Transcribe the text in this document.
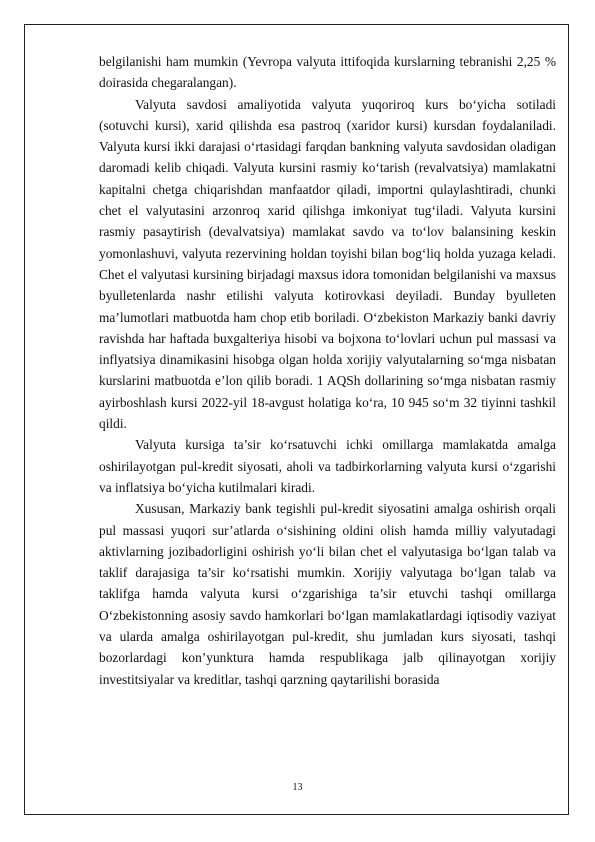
belgilanishi ham mumkin (Yevropa valyuta ittifoqida kurslarning tebranishi 2,25 % doirasida chegaralangan).

Valyuta savdosi amaliyotida valyuta yuqoriroq kurs bo‘yicha sotiladi (sotuvchi kursi), xarid qilishda esa pastroq (xaridor kursi) kursdan foydalaniladi. Valyuta kursi ikki darajasi o‘rtasidagi farqdan bankning valyuta savdosidan oladigan daromadi kelib chiqadi. Valyuta kursini rasmiy ko‘tarish (revalvatsiya) mamlakatni kapitalni chetga chiqarishdan manfaatdor qiladi, importni qulaylashtiradi, chunki chet el valyutasini arzonroq xarid qilishga imkoniyat tug‘iladi. Valyuta kursini rasmiy pasaytirish (devalvatsiya) mamlakat savdo va to‘lov balansining keskin yomonlashuvi, valyuta rezervining holdan toyishi bilan bog‘liq holda yuzaga keladi. Chet el valyutasi kursining birjadagi maxsus idora tomonidan belgilanishi va maxsus byulletenlarda nashr etilishi valyuta kotirovkasi deyiladi. Bunday byulleten ma’lumotlari matbuotda ham chop etib boriladi. O‘zbekiston Markaziy banki davriy ravishda har haftada buxgalteriya hisobi va bojxona to‘lovlari uchun pul massasi va inflyatsiya dinamikasini hisobga olgan holda xorijiy valyutalarning so‘mga nisbatan kurslarini matbuotda e’lon qilib boradi. 1 AQSh dollarining so‘mga nisbatan rasmiy ayirboshlash kursi 2022-yil 18-avgust holatiga ko‘ra, 10 945 so‘m 32 tiyinni tashkil qildi.

Valyuta kursiga ta’sir ko‘rsatuvchi ichki omillarga mamlakatda amalga oshirilayotgan pul-kredit siyosati, aholi va tadbirkorlarning valyuta kursi o‘zgarishi va inflatsiya bo‘yicha kutilmalari kiradi.

Xususan, Markaziy bank tegishli pul-kredit siyosatini amalga oshirish orqali pul massasi yuqori sur’atlarda o‘sishining oldini olish hamda milliy valyutadagi aktivlarning jozibadorligini oshirish yo‘li bilan chet el valyutasiga bo‘lgan talab va taklif darajasiga ta’sir ko‘rsatishi mumkin. Xorijiy valyutaga bo‘lgan talab va taklifga hamda valyuta kursi o‘zgarishiga ta’sir etuvchi tashqi omillarga O‘zbekistonning asosiy savdo hamkorlari bo‘lgan mamlakatlardagi iqtisodiy vaziyat va ularda amalga oshirilayotgan pul-kredit, shu jumladan kurs siyosati, tashqi bozorlardagi kon’yunktura hamda respublikaga jalb qilinayotgan xorijiy investitsiyalar va kreditlar, tashqi qarzning qaytarilishi borasida

13
